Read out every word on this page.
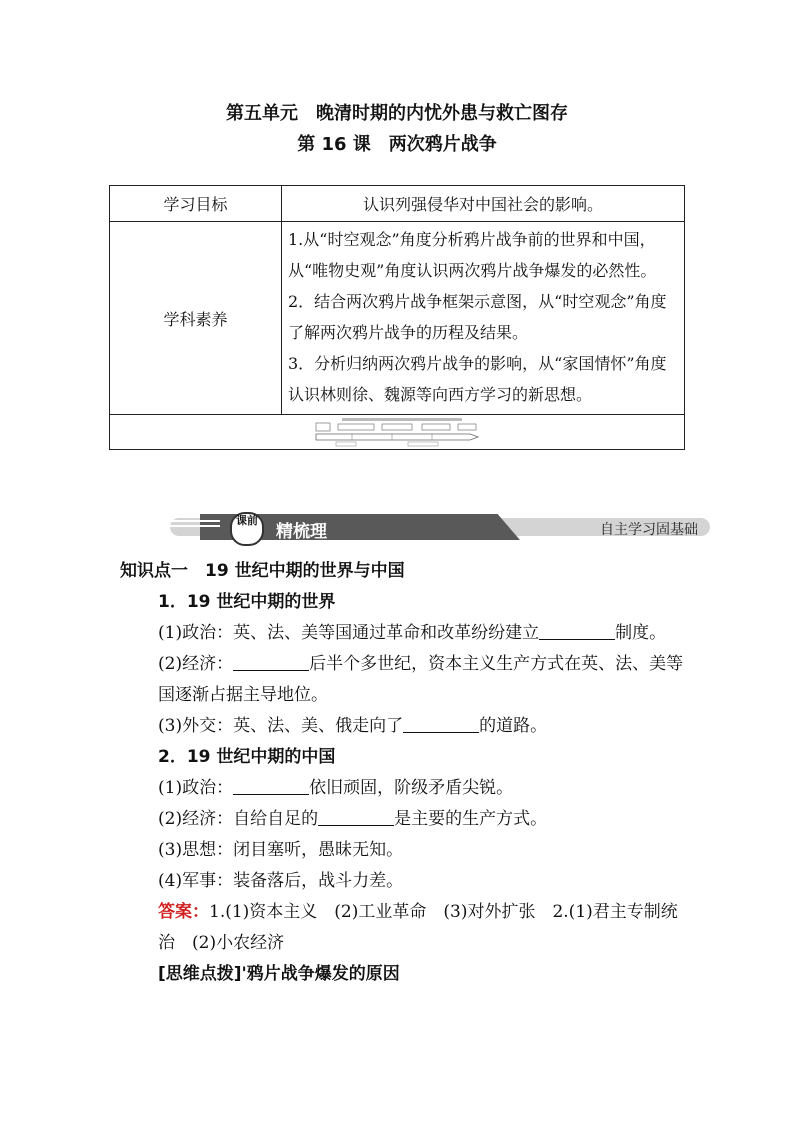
第五单元　晚清时期的内忧外患与救亡图存
第 16 课　两次鸦片战争
学习目标	认识列强侵华对中国社会的影响。
学科素养	1.从“时空观念”角度分析鸦片战争前的世界和中国， 从“唯物史观”角度认识两次鸦片战争爆发的必然性。
2．结合两次鸦片战争框架示意图，从“时空观念”角度了解两次鸦片战争的历程及结果。
3．分析归纳两次鸦片战争的影响，从“家国情怀”角度认识林则徐、魏源等向西方学习的新思想。

课前
精梳理	自主学习固基础

知识点一　19 世纪中期的世界与中国

1．19 世纪中期的世界

(1)政治：英、法、美等国通过革命和改革纷纷建立	制度。

(2)经济：	后半个多世纪，资本主义生产方式在英、法、美等国逐渐占据主导地位。

(3)外交：英、法、美、俄走向了	的道路。

2．19 世纪中期的中国

(1)政治：	依旧顽固，阶级矛盾尖锐。

(2)经济：自给自足的	是主要的生产方式。

(3)思想：闭目塞听，愚昧无知。

(4)军事：装备落后，战斗力差。

答案：1.(1)资本主义　(2)工业革命　(3)对外扩张　2.(1)君主专制统治　(2)小农经济

[思维点拨]'鸦片战争爆发的原因
